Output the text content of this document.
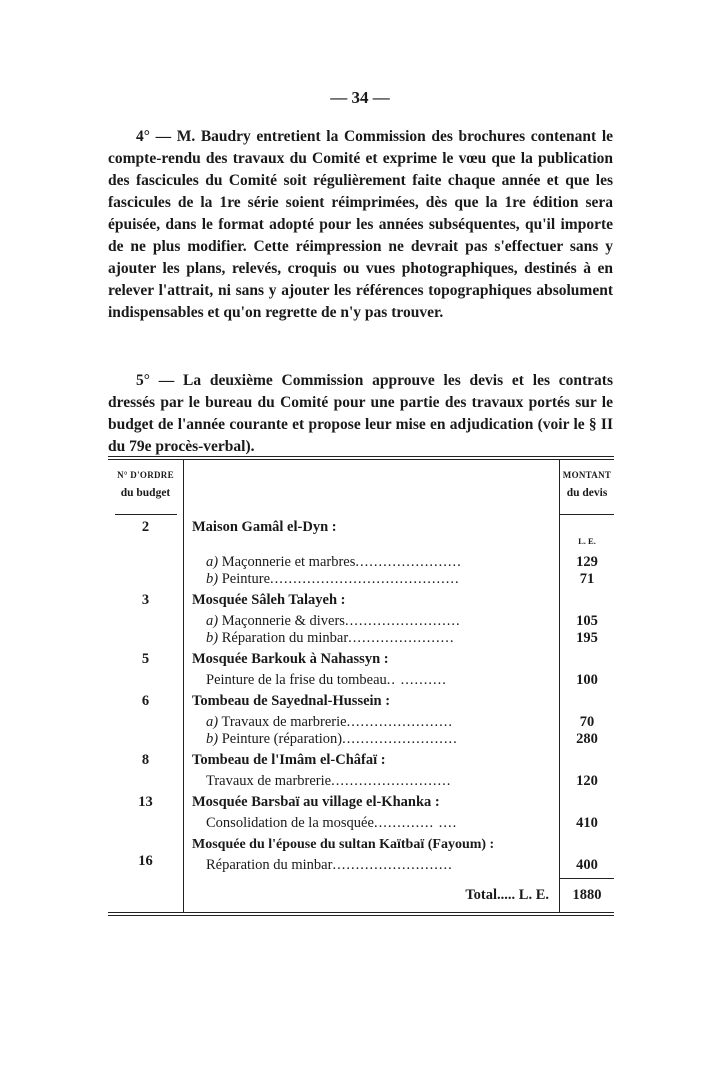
— 34 —

4° — M. Baudry entretient la Commission des brochures contenant le compte-rendu des travaux du Comité et exprime le vœu que la publication des fascicules du Comité soit régulièrement faite chaque année et que les fascicules de la 1re série soient réimprimées, dès que la 1re édition sera épuisée, dans le format adopté pour les années subséquentes, qu'il importe de ne plus modifier. Cette réimpression ne devrait pas s'effectuer sans y ajouter les plans, relevés, croquis ou vues photographiques, destinés à en relever l'attrait, ni sans y ajouter les références topographiques absolument indispensables et qu'on regrette de n'y pas trouver.

5° — La deuxième Commission approuve les devis et les contrats dressés par le bureau du Comité pour une partie des travaux portés sur le budget de l'année courante et propose leur mise en adjudication (voir le § II du 79e procès-verbal).

N° D'ORDRE
du budget		MONTANT
du devis

2	Maison Gamâl el-Dyn :	L. E.

	a) Maçonnerie et marbres.......................	129

	b) Peinture.........................................	71
3	Mosquée Sâleh Talayeh :	

	a) Maçonnerie & divers.........................	105

	b) Réparation du minbar.......................	195
5	Mosquée Barkouk à Nahassyn :	

	Peinture de la frise du tombeau.. ..........	100
6	Tombeau de Sayednal-Hussein :	

	a) Travaux de marbrerie.......................	70

	b) Peinture (réparation).........................	280
8	Tombeau de l'Imâm el-Châfaï :	

	Travaux de marbrerie..........................	120
13	Mosquée Barsbaï au village el-Khanka :	

	Consolidation de la mosquée............. ....	410
	Mosquée du l'épouse du sultan Kaïtbaï (Fayoum) :	
16	Réparation du minbar..........................	400
	Total..... L. E.	1880
